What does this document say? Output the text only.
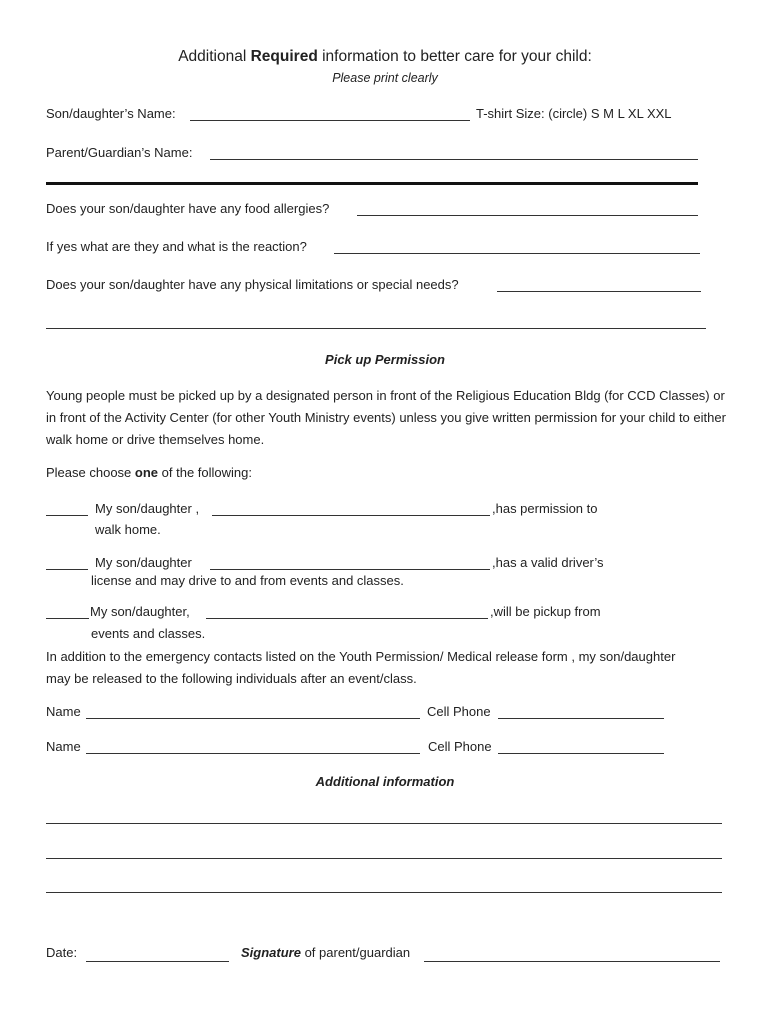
Additional Required information to better care for your child:
Please print clearly
Son/daughter’s Name:	T-shirt Size: (circle) S M L XL XXL
Parent/Guardian’s Name:
Does your son/daughter have any food allergies?
If yes what are they and what is the reaction?
Does your son/daughter have any physical limitations or special needs?
Pick up Permission
Young people must be picked up by a designated person in front of the Religious Education Bldg (for CCD Classes) or in front of the Activity Center (for other Youth Ministry events) unless you give written permission for your child to either walk home or drive themselves home.
Please choose one of the following:
My son/daughter ,	,has permission to
walk home.
My son/daughter	,has a valid driver’s
license and may drive to and from events and classes.
My son/daughter,	,will be pickup from
events and classes.
In addition to the emergency contacts listed on the Youth Permission/ Medical release form , my son/daughter may be released to the following individuals after an event/class.
Name	Cell Phone
Name	Cell Phone
Additional information
Date:	Signature of parent/guardian
